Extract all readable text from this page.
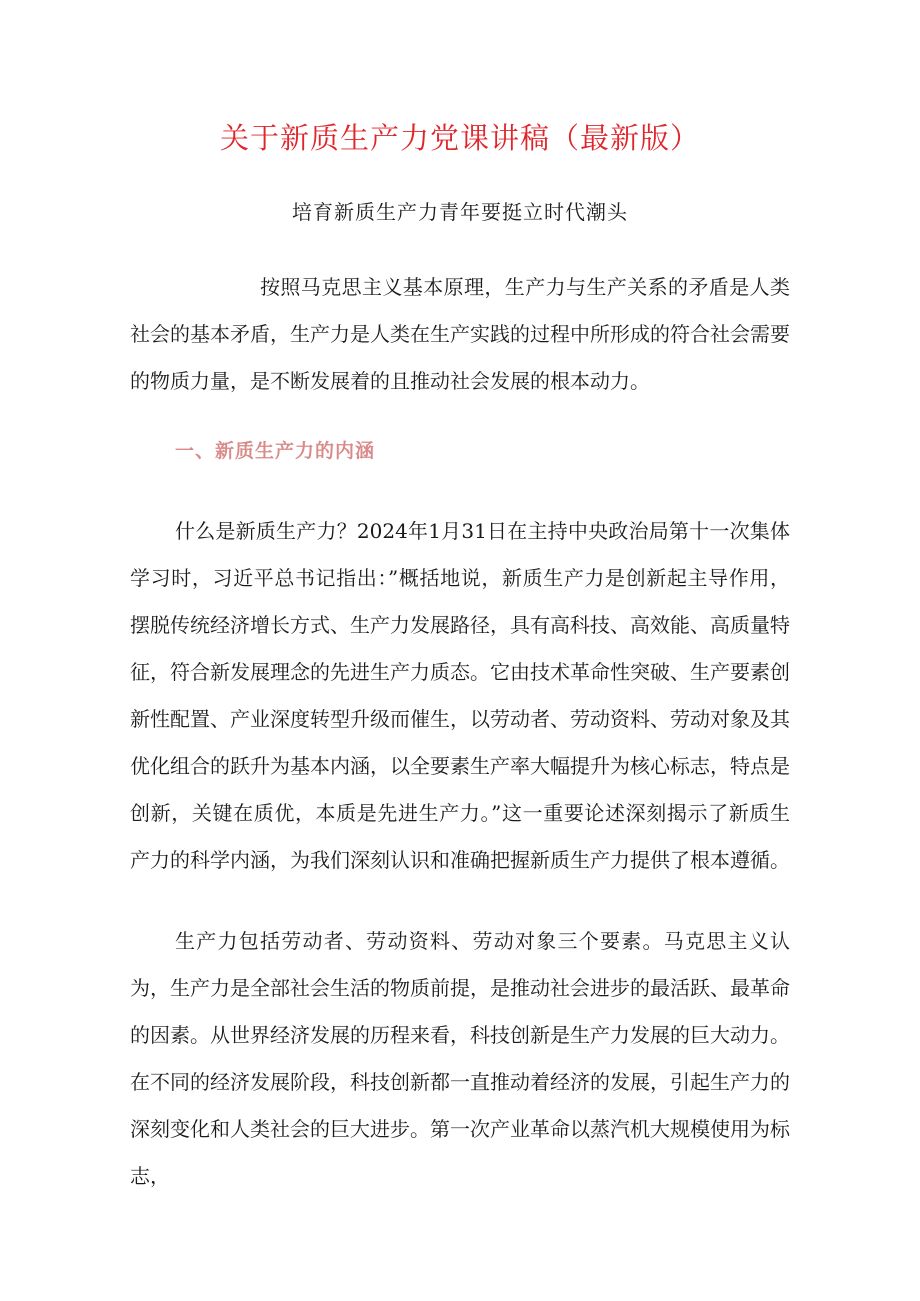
关于新质生产力党课讲稿（最新版）

培育新质生产力青年要挺立时代潮头

按照马克思主义基本原理，生产力与生产关系的矛盾是人类社会的基本矛盾，生产力是人类在生产实践的过程中所形成的符合社会需要的物质力量，是不断发展着的且推动社会发展的根本动力。

一、新质生产力的内涵

什么是新质生产力？2024年1月31日在主持中央政治局第十一次集体学习时，习近平总书记指出：”概括地说，新质生产力是创新起主导作用，摆脱传统经济增长方式、生产力发展路径，具有高科技、高效能、高质量特征，符合新发展理念的先进生产力质态。它由技术革命性突破、生产要素创新性配置、产业深度转型升级而催生，以劳动者、劳动资料、劳动对象及其优化组合的跃升为基本内涵，以全要素生产率大幅提升为核心标志，特点是创新，关键在质优，本质是先进生产力。”这一重要论述深刻揭示了新质生产力的科学内涵，为我们深刻认识和准确把握新质生产力提供了根本遵循。

生产力包括劳动者、劳动资料、劳动对象三个要素。马克思主义认为，生产力是全部社会生活的物质前提，是推动社会进步的最活跃、最革命的因素。从世界经济发展的历程来看，科技创新是生产力发展的巨大动力。在不同的经济发展阶段，科技创新都一直推动着经济的发展，引起生产力的深刻变化和人类社会的巨大进步。第一次产业革命以蒸汽机大规模使用为标志，
